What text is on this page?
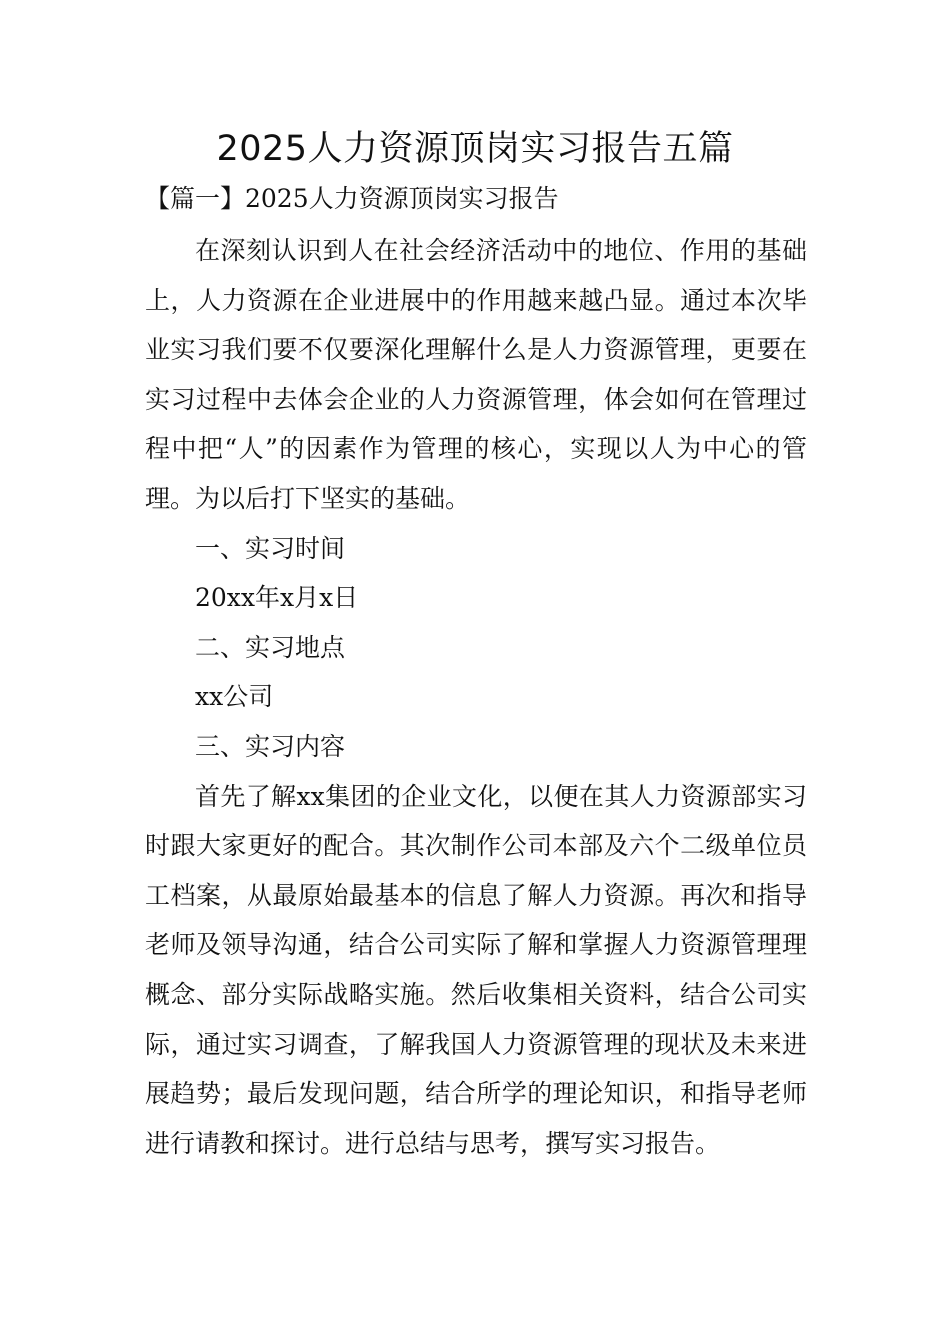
2025人力资源顶岗实习报告五篇
【篇一】2025人力资源顶岗实习报告

在深刻认识到人在社会经济活动中的地位、作用的基础上，人力资源在企业进展中的作用越来越凸显。通过本次毕业实习我们要不仅要深化理解什么是人力资源管理，更要在实习过程中去体会企业的人力资源管理，体会如何在管理过程中把“人”的因素作为管理的核心，实现以人为中心的管理。为以后打下坚实的基础。

一、实习时间

20xx年x月x日

二、实习地点

xx公司

三、实习内容

首先了解xx集团的企业文化，以便在其人力资源部实习时跟大家更好的配合。其次制作公司本部及六个二级单位员工档案，从最原始最基本的信息了解人力资源。再次和指导老师及领导沟通，结合公司实际了解和掌握人力资源管理理概念、部分实际战略实施。然后收集相关资料，结合公司实际，通过实习调查，了解我国人力资源管理的现状及未来进展趋势；最后发现问题，结合所学的理论知识，和指导老师进行请教和探讨。进行总结与思考，撰写实习报告。
